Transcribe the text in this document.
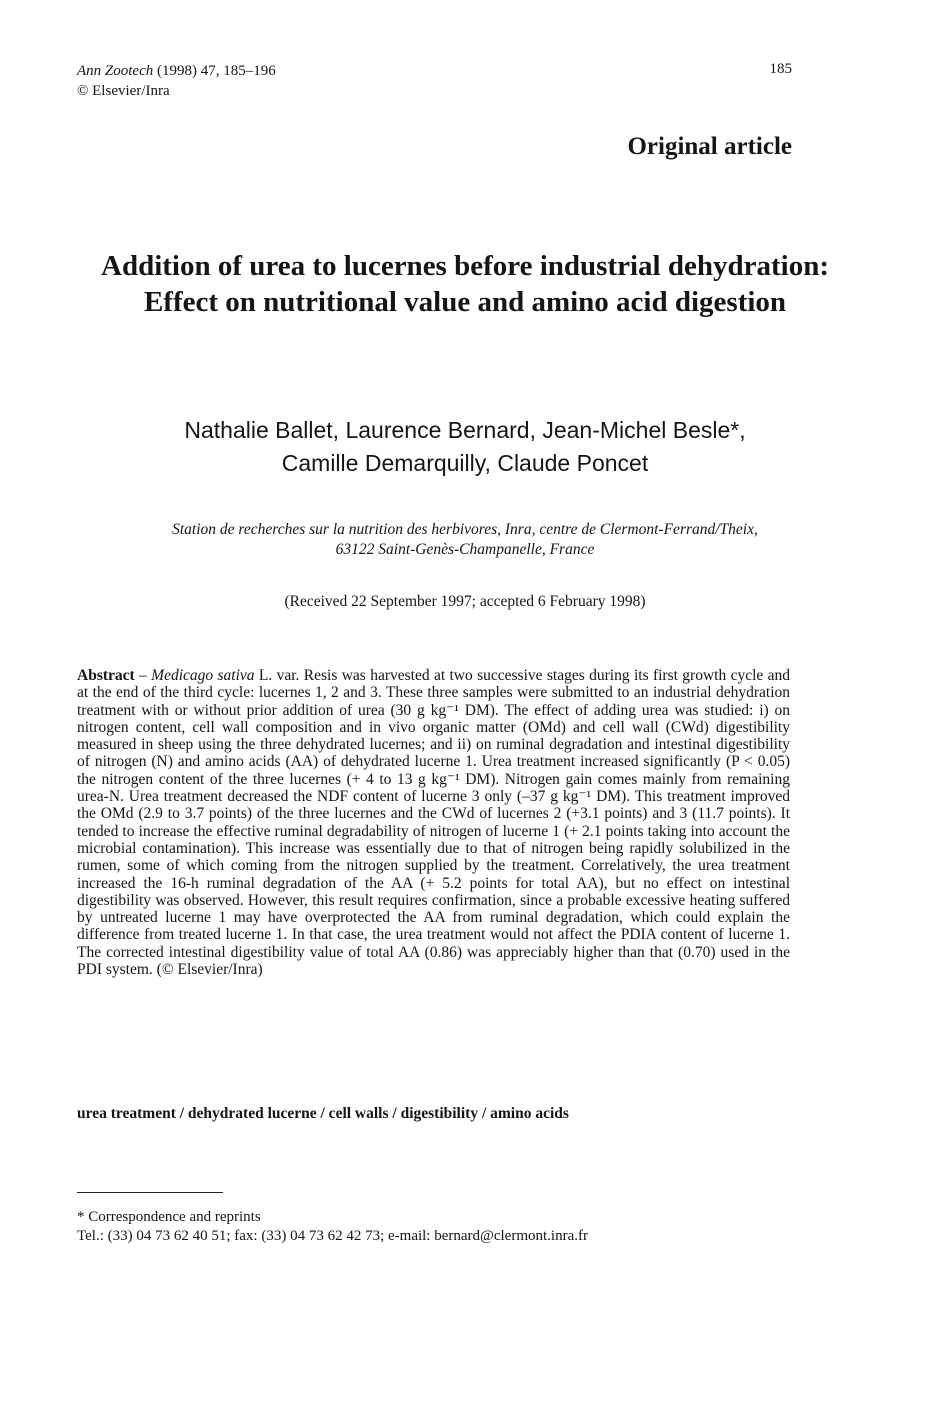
Ann Zootech (1998) 47, 185–196
© Elsevier/Inra
185
Original article
Addition of urea to lucernes before industrial dehydration: Effect on nutritional value and amino acid digestion
Nathalie Ballet, Laurence Bernard, Jean-Michel Besle*,
Camille Demarquilly, Claude Poncet
Station de recherches sur la nutrition des herbivores, Inra, centre de Clermont-Ferrand/Theix,
63122 Saint-Genès-Champanelle, France
(Received 22 September 1997; accepted 6 February 1998)

Abstract – Medicago sativa L. var. Resis was harvested at two successive stages during its first growth cycle and at the end of the third cycle: lucernes 1, 2 and 3. These three samples were submitted to an industrial dehydration treatment with or without prior addition of urea (30 g kg⁻¹ DM). The effect of adding urea was studied: i) on nitrogen content, cell wall composition and in vivo organic matter (OMd) and cell wall (CWd) digestibility measured in sheep using the three dehydrated lucernes; and ii) on ruminal degradation and intestinal digestibility of nitrogen (N) and amino acids (AA) of dehydrated lucerne 1. Urea treatment increased significantly (P < 0.05) the nitrogen content of the three lucernes (+ 4 to 13 g kg⁻¹ DM). Nitrogen gain comes mainly from remaining urea-N. Urea treatment decreased the NDF content of lucerne 3 only (–37 g kg⁻¹ DM). This treatment improved the OMd (2.9 to 3.7 points) of the three lucernes and the CWd of lucernes 2 (+3.1 points) and 3 (11.7 points). It tended to increase the effective ruminal degradability of nitrogen of lucerne 1 (+ 2.1 points taking into account the microbial contamination). This increase was essentially due to that of nitrogen being rapidly solubilized in the rumen, some of which coming from the nitrogen supplied by the treatment. Correlatively, the urea treatment increased the 16-h ruminal degradation of the AA (+ 5.2 points for total AA), but no effect on intestinal digestibility was observed. However, this result requires confirmation, since a probable excessive heating suffered by untreated lucerne 1 may have overprotected the AA from ruminal degradation, which could explain the difference from treated lucerne 1. In that case, the urea treatment would not affect the PDIA content of lucerne 1. The corrected intestinal digestibility value of total AA (0.86) was appreciably higher than that (0.70) used in the PDI system. (© Elsevier/Inra)

urea treatment / dehydrated lucerne / cell walls / digestibility / amino acids
* Correspondence and reprints
Tel.: (33) 04 73 62 40 51; fax: (33) 04 73 62 42 73; e-mail: bernard@clermont.inra.fr
